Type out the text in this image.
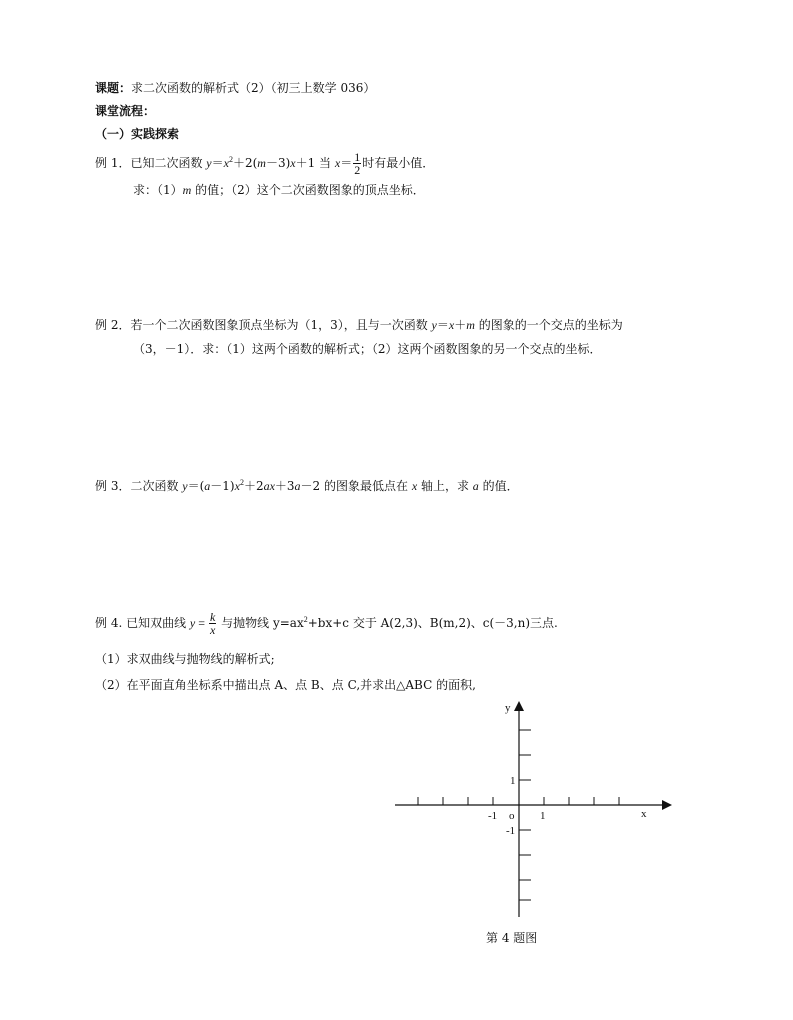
课题：求二次函数的解析式（2）（初三上数学 036）
课堂流程：
（一）实践探索
例 1．已知二次函数 $y=x^2+2(m-3)x+1$ 当 $x= \frac{1}{2}$ 时有最小值．
求：（1）m 的值；（2）这个二次函数图象的顶点坐标．
例 2．若一个二次函数图象顶点坐标为（1，3），且与一次函数 y＝x＋m 的图象的一个交点的坐标为
（3，－1）．求：（1）这两个函数的解析式；（2）这两个函数图象的另一个交点的坐标．
例 3．二次函数 $y=(a-1)x^2+2ax+3a-2$ 的图象最低点在 x 轴上，求 a 的值．
例 4. 已知双曲线 $y = \frac{k}{x}$ 与抛物线 $y=ax^2+bx+c$ 交于 A(2,3)、B(m,2)、c(－3,n)三点.
（1）求双曲线与抛物线的解析式;
（2）在平面直角坐标系中描出点 A、点 B、点 C,并求出△ABC 的面积,
y
x
1
-1 o 1
-1
第 4 题图
